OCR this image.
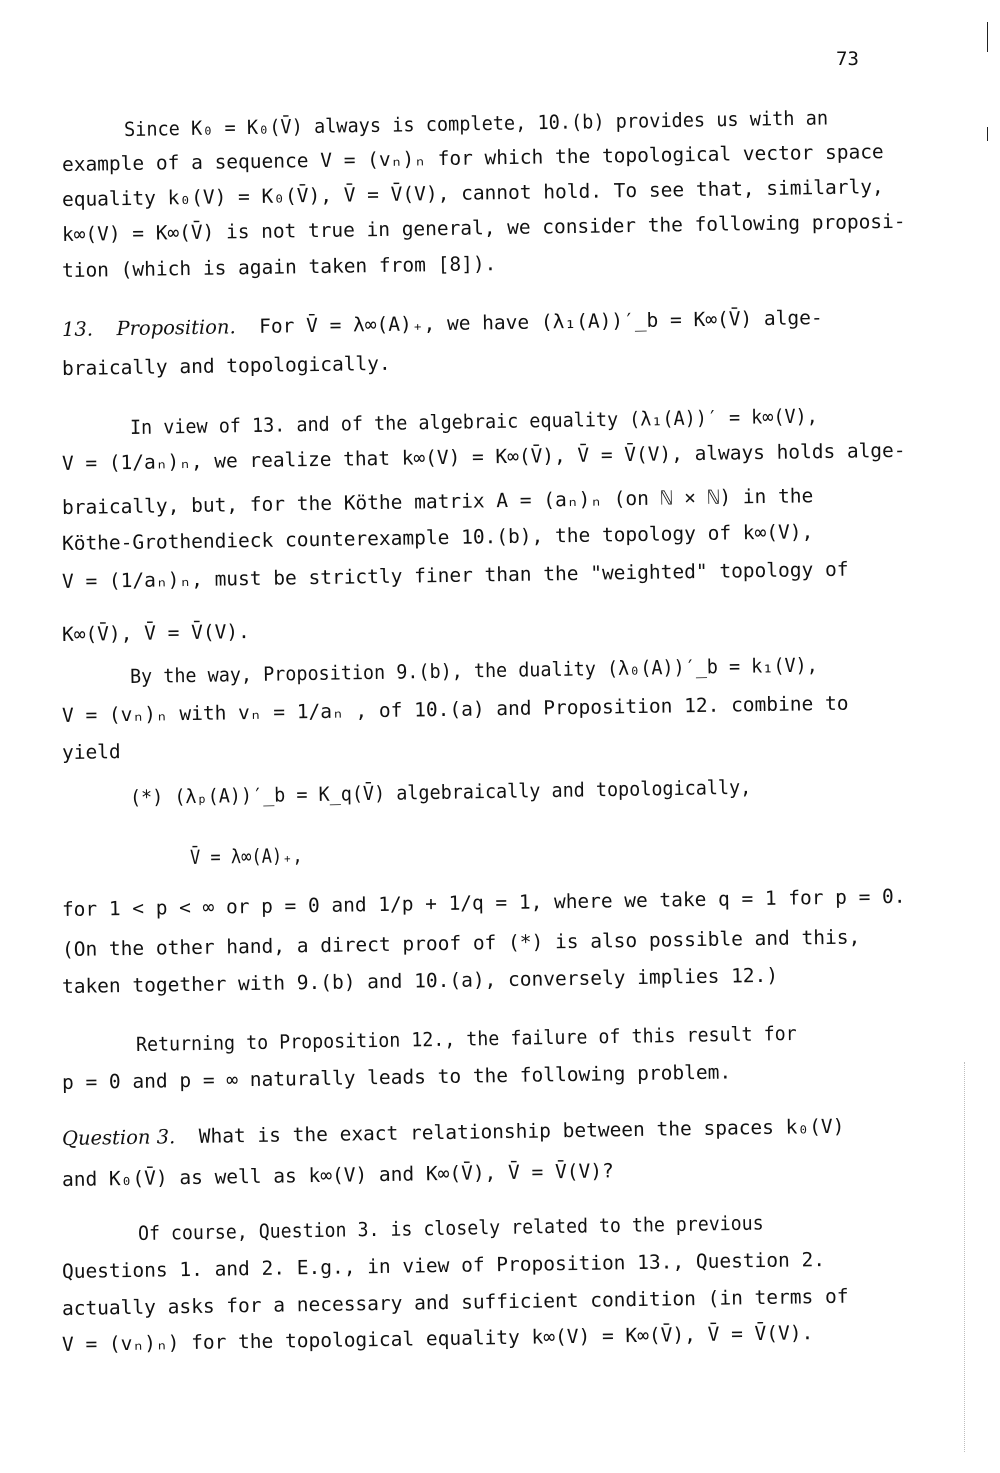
73
Since K₀ = K₀(V̄) always is complete, 10.(b) provides us with an
example of a sequence V = (vₙ)ₙ for which the topological vector space
equality k₀(V) = K₀(V̄), V̄ = V̄(V), cannot hold. To see that, similarly,
k∞(V) = K∞(V̄) is not true in general, we consider the following proposi-
tion (which is again taken from [8]).
13. Proposition. For V̄ = λ∞(A)₊, we have (λ₁(A))′_b = K∞(V̄) alge-
braically and topologically.
In view of 13. and of the algebraic equality (λ₁(A))′ = k∞(V),
V = (1/aₙ)ₙ, we realize that k∞(V) = K∞(V̄), V̄ = V̄(V), always holds alge-
braically, but, for the Köthe matrix A = (aₙ)ₙ (on ℕ × ℕ) in the
Köthe-Grothendieck counterexample 10.(b), the topology of k∞(V),
V = (1/aₙ)ₙ, must be strictly finer than the "weighted" topology of
K∞(V̄), V̄ = V̄(V).
By the way, Proposition 9.(b), the duality (λ₀(A))′_b = k₁(V),
V = (vₙ)ₙ with vₙ = 1/aₙ , of 10.(a) and Proposition 12. combine to
yield
(*) (λₚ(A))′_b = K_q(V̄) algebraically and topologically,
V̄ = λ∞(A)₊,
for 1 < p < ∞ or p = 0 and 1/p + 1/q = 1, where we take q = 1 for p = 0.
(On the other hand, a direct proof of (*) is also possible and this,
taken together with 9.(b) and 10.(a), conversely implies 12.)
Returning to Proposition 12., the failure of this result for
p = 0 and p = ∞ naturally leads to the following problem.
Question 3. What is the exact relationship between the spaces k₀(V)
and K₀(V̄) as well as k∞(V) and K∞(V̄), V̄ = V̄(V)?
Of course, Question 3. is closely related to the previous
Questions 1. and 2. E.g., in view of Proposition 13., Question 2.
actually asks for a necessary and sufficient condition (in terms of
V = (vₙ)ₙ) for the topological equality k∞(V) = K∞(V̄), V̄ = V̄(V).
